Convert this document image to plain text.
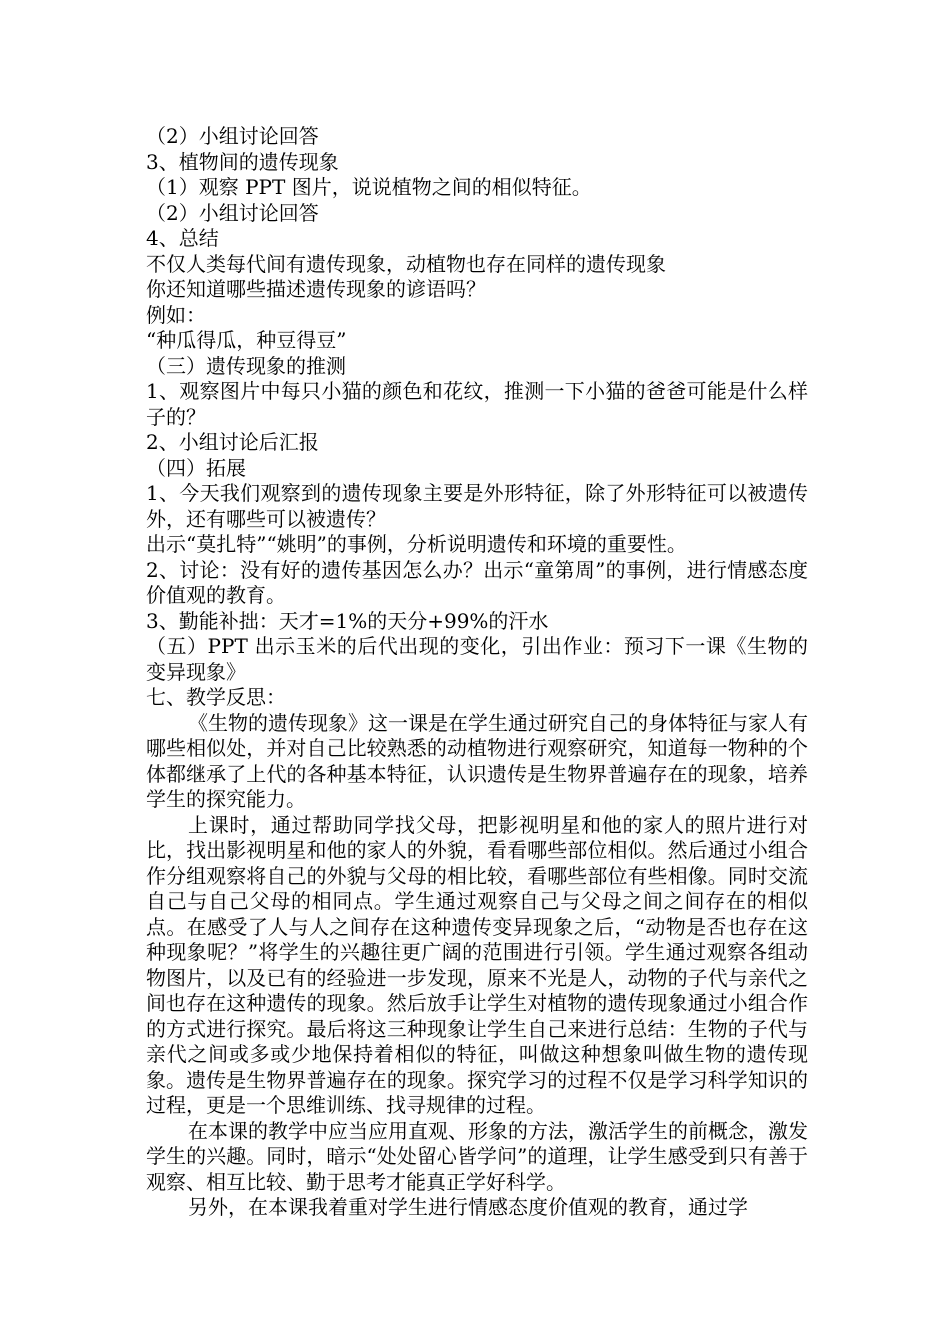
（2）小组讨论回答
3、植物间的遗传现象
（1）观察 PPT 图片，说说植物之间的相似特征。
（2）小组讨论回答
4、总结
不仅人类每代间有遗传现象，动植物也存在同样的遗传现象
你还知道哪些描述遗传现象的谚语吗？
例如：
“种瓜得瓜，种豆得豆”
（三）遗传现象的推测

1、观察图片中每只小猫的颜色和花纹，推测一下小猫的爸爸可能是什么样子的？

2、小组讨论后汇报

（四）拓展

1、今天我们观察到的遗传现象主要是外形特征，除了外形特征可以被遗传外，还有哪些可以被遗传？

出示“莫扎特”“姚明”的事例，分析说明遗传和环境的重要性。

2、讨论：没有好的遗传基因怎么办？出示“童第周”的事例，进行情感态度价值观的教育。

3、勤能补拙：天才=1%的天分+99%的汗水

（五）PPT 出示玉米的后代出现的变化，引出作业：预习下一课《生物的变异现象》

七、教学反思：

《生物的遗传现象》这一课是在学生通过研究自己的身体特征与家人有哪些相似处，并对自己比较熟悉的动植物进行观察研究，知道每一物种的个体都继承了上代的各种基本特征，认识遗传是生物界普遍存在的现象，培养学生的探究能力。

上课时，通过帮助同学找父母，把影视明星和他的家人的照片进行对比，找出影视明星和他的家人的外貌，看看哪些部位相似。然后通过小组合作分组观察将自己的外貌与父母的相比较，看哪些部位有些相像。同时交流自己与自己父母的相同点。学生通过观察自己与父母之间之间存在的相似点。在感受了人与人之间存在这种遗传变异现象之后，“动物是否也存在这种现象呢？”将学生的兴趣往更广阔的范围进行引领。学生通过观察各组动物图片，以及已有的经验进一步发现，原来不光是人，动物的子代与亲代之间也存在这种遗传的现象。然后放手让学生对植物的遗传现象通过小组合作的方式进行探究。最后将这三种现象让学生自己来进行总结：生物的子代与亲代之间或多或少地保持着相似的特征，叫做这种想象叫做生物的遗传现象。遗传是生物界普遍存在的现象。探究学习的过程不仅是学习科学知识的过程，更是一个思维训练、找寻规律的过程。

在本课的教学中应当应用直观、形象的方法，激活学生的前概念，激发学生的兴趣。同时，暗示“处处留心皆学问”的道理，让学生感受到只有善于观察、相互比较、勤于思考才能真正学好科学。

另外，在本课我着重对学生进行情感态度价值观的教育，通过学
